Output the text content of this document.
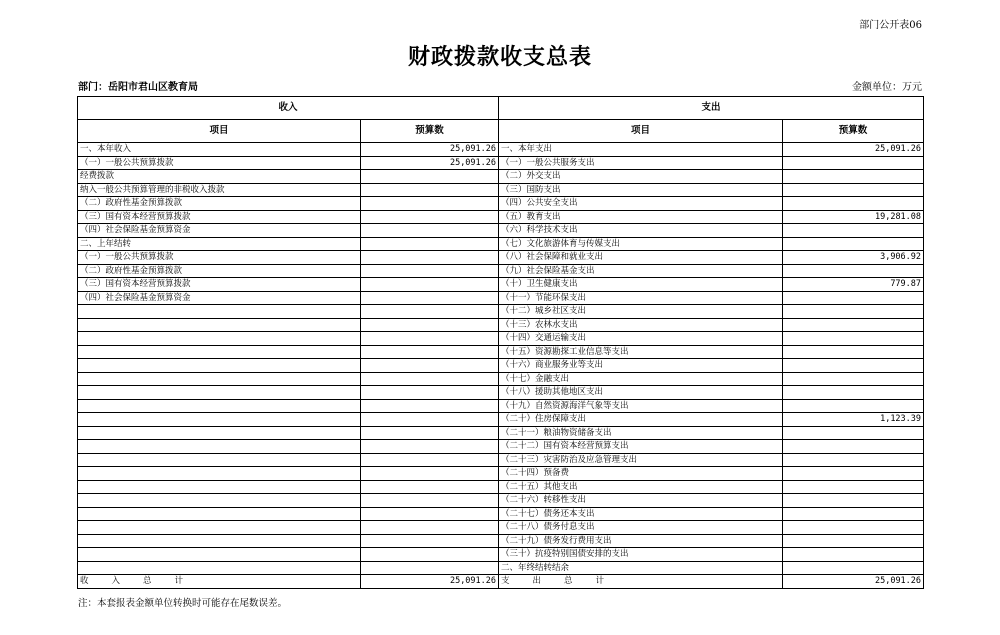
部门公开表06
财政拨款收支总表
部门：岳阳市君山区教育局	金额单位：万元
收入		支出	
项目	预算数	项目	预算数
一、本年收入	25,091.26	一、本年支出	25,091.26
（一）一般公共预算拨款	25,091.26	（一）一般公共服务支出	
经费拨款		（二）外交支出	
纳入一般公共预算管理的非税收入拨款		（三）国防支出	
（二）政府性基金预算拨款		（四）公共安全支出	
（三）国有资本经营预算拨款		（五）教育支出	19,281.08
（四）社会保险基金预算资金		（六）科学技术支出	
二、上年结转		（七）文化旅游体育与传媒支出	
（一）一般公共预算拨款		（八）社会保障和就业支出	3,906.92
（二）政府性基金预算拨款		（九）社会保险基金支出	
（三）国有资本经营预算拨款		（十）卫生健康支出	779.87
（四）社会保险基金预算资金		（十一）节能环保支出	
		（十二）城乡社区支出	
		（十三）农林水支出	
		（十四）交通运输支出	
		（十五）资源勘探工业信息等支出	
		（十六）商业服务业等支出	
		（十七）金融支出	
		（十八）援助其他地区支出	
		（十九）自然资源海洋气象等支出	
		（二十）住房保障支出	1,123.39
		（二十一）粮油物资储备支出	
		（二十二）国有资本经营预算支出	
		（二十三）灾害防治及应急管理支出	
		（二十四）预备费	
		（二十五）其他支出	
		（二十六）转移性支出	
		（二十七）债务还本支出	
		（二十八）债务付息支出	
		（二十九）债务发行费用支出	
		（三十）抗疫特别国债安排的支出	
		二、年终结转结余	
收　　入　　总　　计	25,091.26	支　　出　　总　　计	25,091.26
注：本套报表金额单位转换时可能存在尾数误差。
